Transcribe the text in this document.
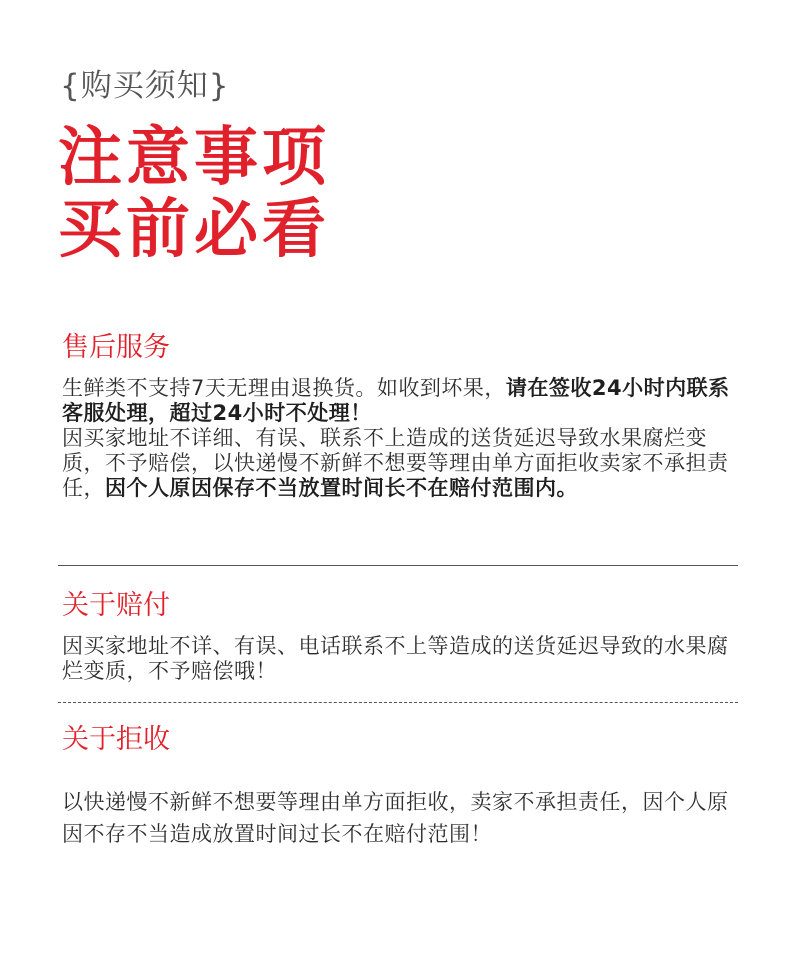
{购买须知}
注意事项
买前必看
售后服务
生鲜类不支持7天无理由退换货。如收到坏果，请在签收24小时内联系客服处理，超过24小时不处理！
因买家地址不详细、有误、联系不上造成的送货延迟导致水果腐烂变质，不予赔偿，以快递慢不新鲜不想要等理由单方面拒收卖家不承担责任，因个人原因保存不当放置时间长不在赔付范围内。
关于赔付
因买家地址不详、有误、电话联系不上等造成的送货延迟导致的水果腐烂变质，不予赔偿哦！
关于拒收
以快递慢不新鲜不想要等理由单方面拒收，卖家不承担责任，因个人原因不存不当造成放置时间过长不在赔付范围！
